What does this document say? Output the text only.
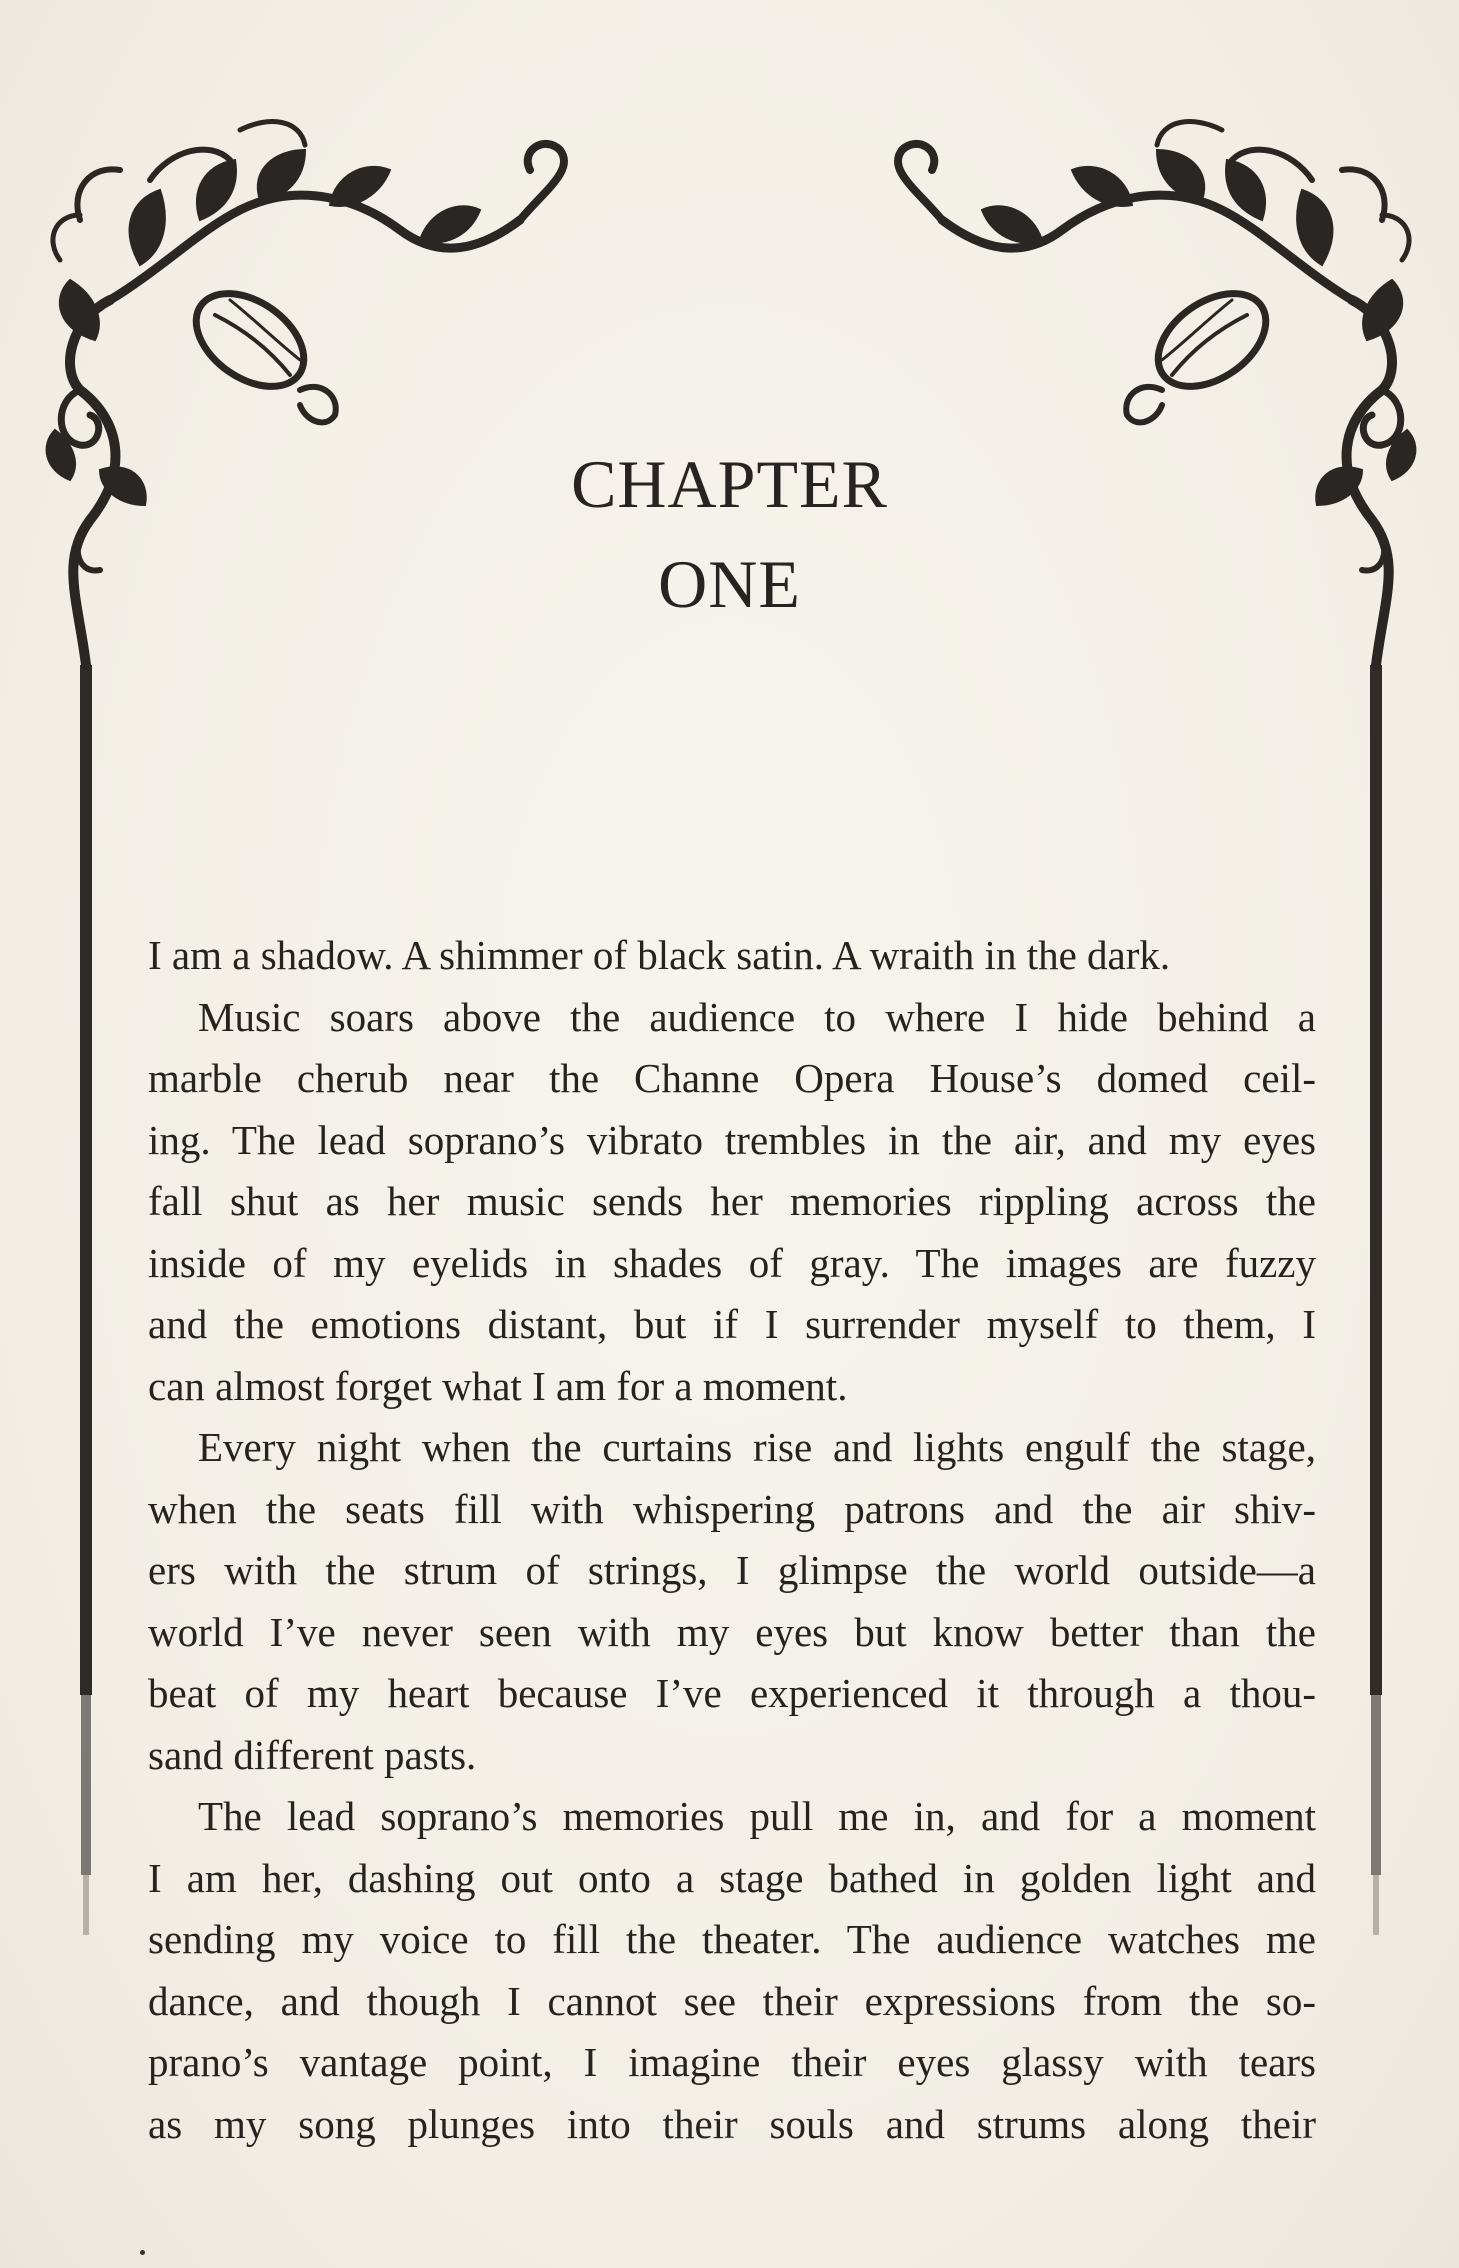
CHAPTER
ONE
I am a shadow. A shimmer of black satin. A wraith in the dark.
Music soars above the audience to where I hide behind a
marble cherub near the Channe Opera House’s domed ceil-
ing. The lead soprano’s vibrato trembles in the air, and my eyes
fall shut as her music sends her memories rippling across the
inside of my eyelids in shades of gray. The images are fuzzy
and the emotions distant, but if I surrender myself to them, I
can almost forget what I am for a moment.
Every night when the curtains rise and lights engulf the stage,
when the seats fill with whispering patrons and the air shiv-
ers with the strum of strings, I glimpse the world outside—a
world I’ve never seen with my eyes but know better than the
beat of my heart because I’ve experienced it through a thou-
sand different pasts.
The lead soprano’s memories pull me in, and for a moment
I am her, dashing out onto a stage bathed in golden light and
sending my voice to fill the theater. The audience watches me
dance, and though I cannot see their expressions from the so-
prano’s vantage point, I imagine their eyes glassy with tears
as my song plunges into their souls and strums along their
